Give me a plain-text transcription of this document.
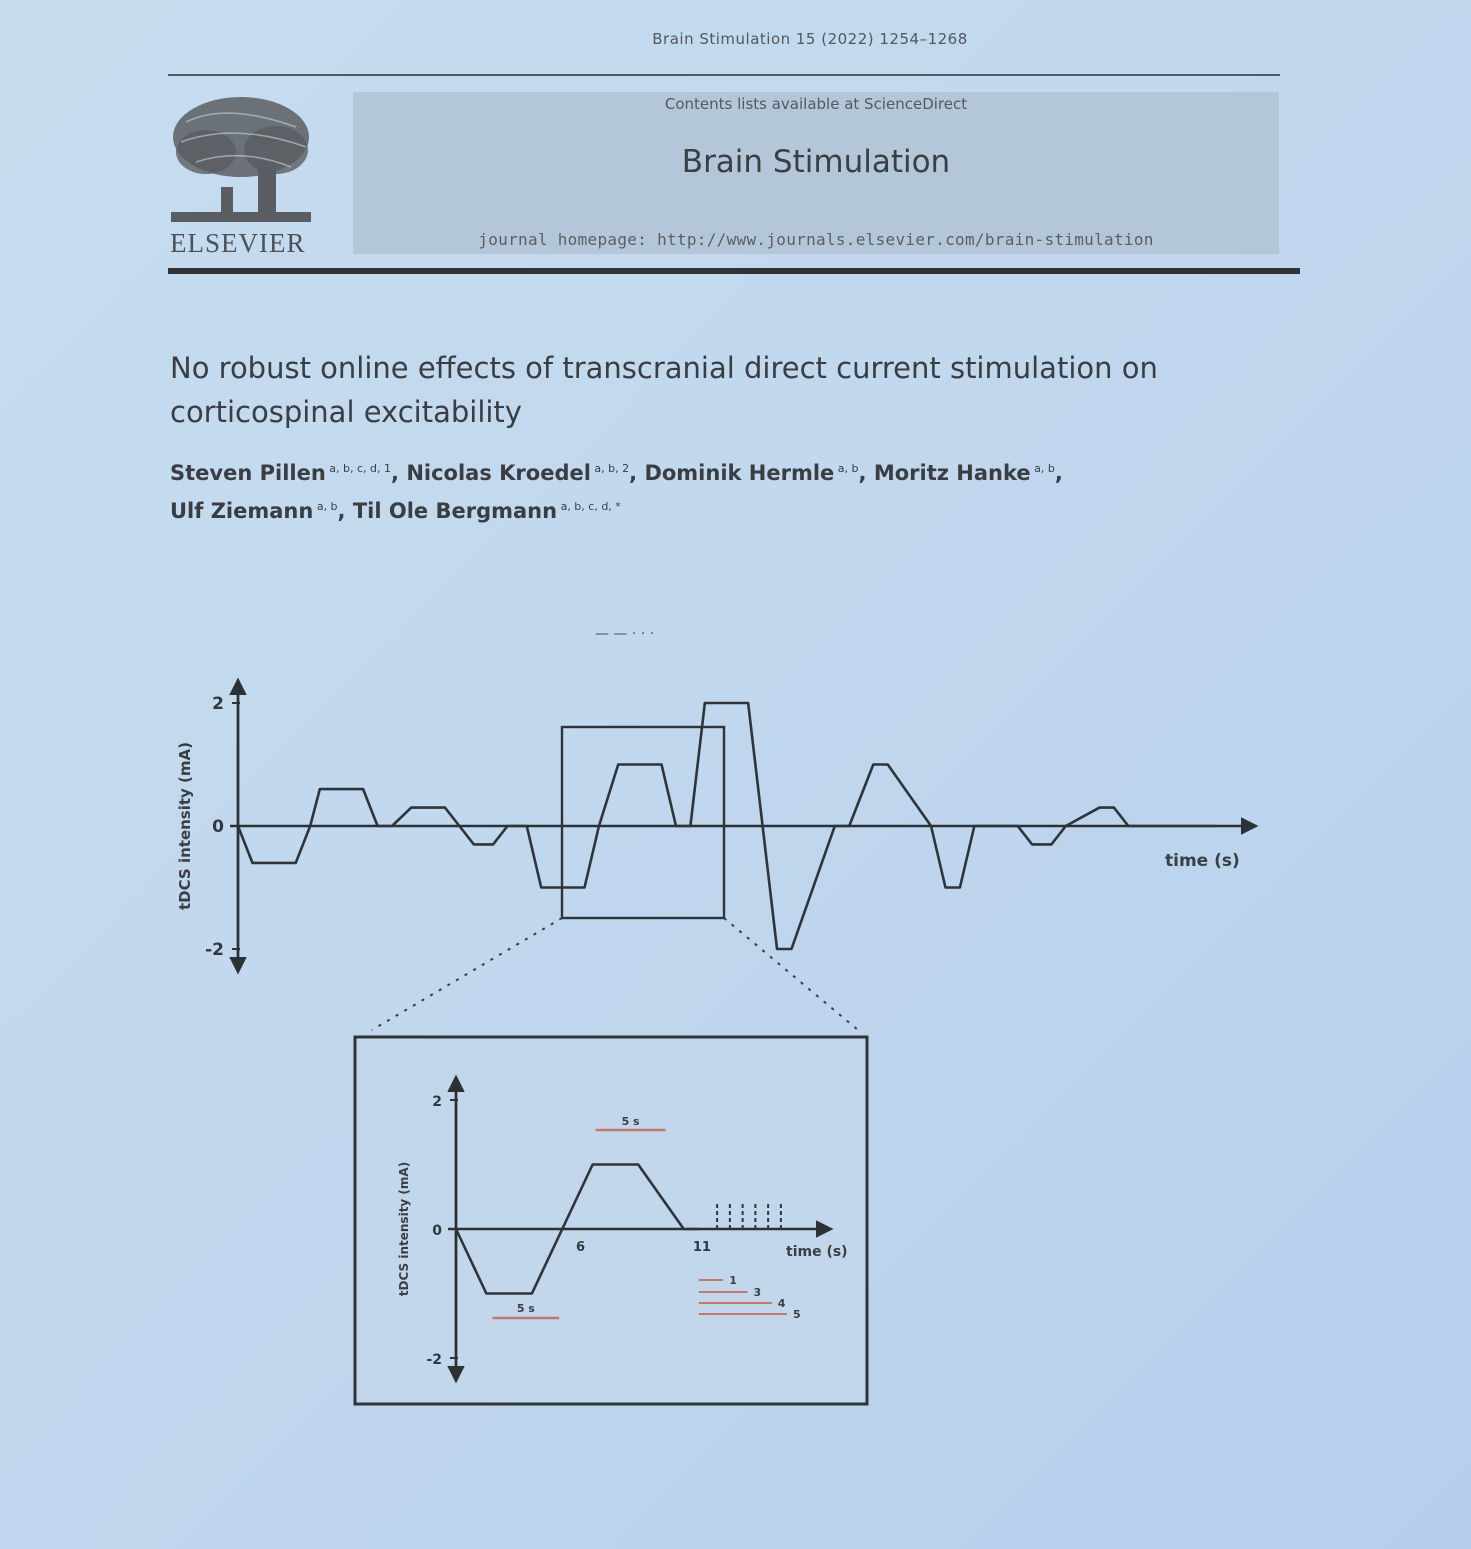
Brain Stimulation 15 (2022) 1254–1268
ELSEVIER
Contents lists available at ScienceDirect
Brain Stimulation
journal homepage: http://www.journals.elsevier.com/brain-stimulation
No robust online effects of transcranial direct current stimulation on corticospinal excitability
Steven Pillen $^{a, b, c, d, 1}$, Nicolas Kroedel $^{a, b, 2}$, Dominik Hermle $^{a, b}$, Moritz Hanke $^{a, b}$,
Ulf Ziemann $^{a, b}$, Til Ole Bergmann $^{a, b, c, d, *}$
— — · · ·
2
0
-2
tDCS intensity (mA)	time (s)
2
0
-2
tDCS intensity (mA)	time (s)
6	11
5 s
5 s
1
3
4
5
